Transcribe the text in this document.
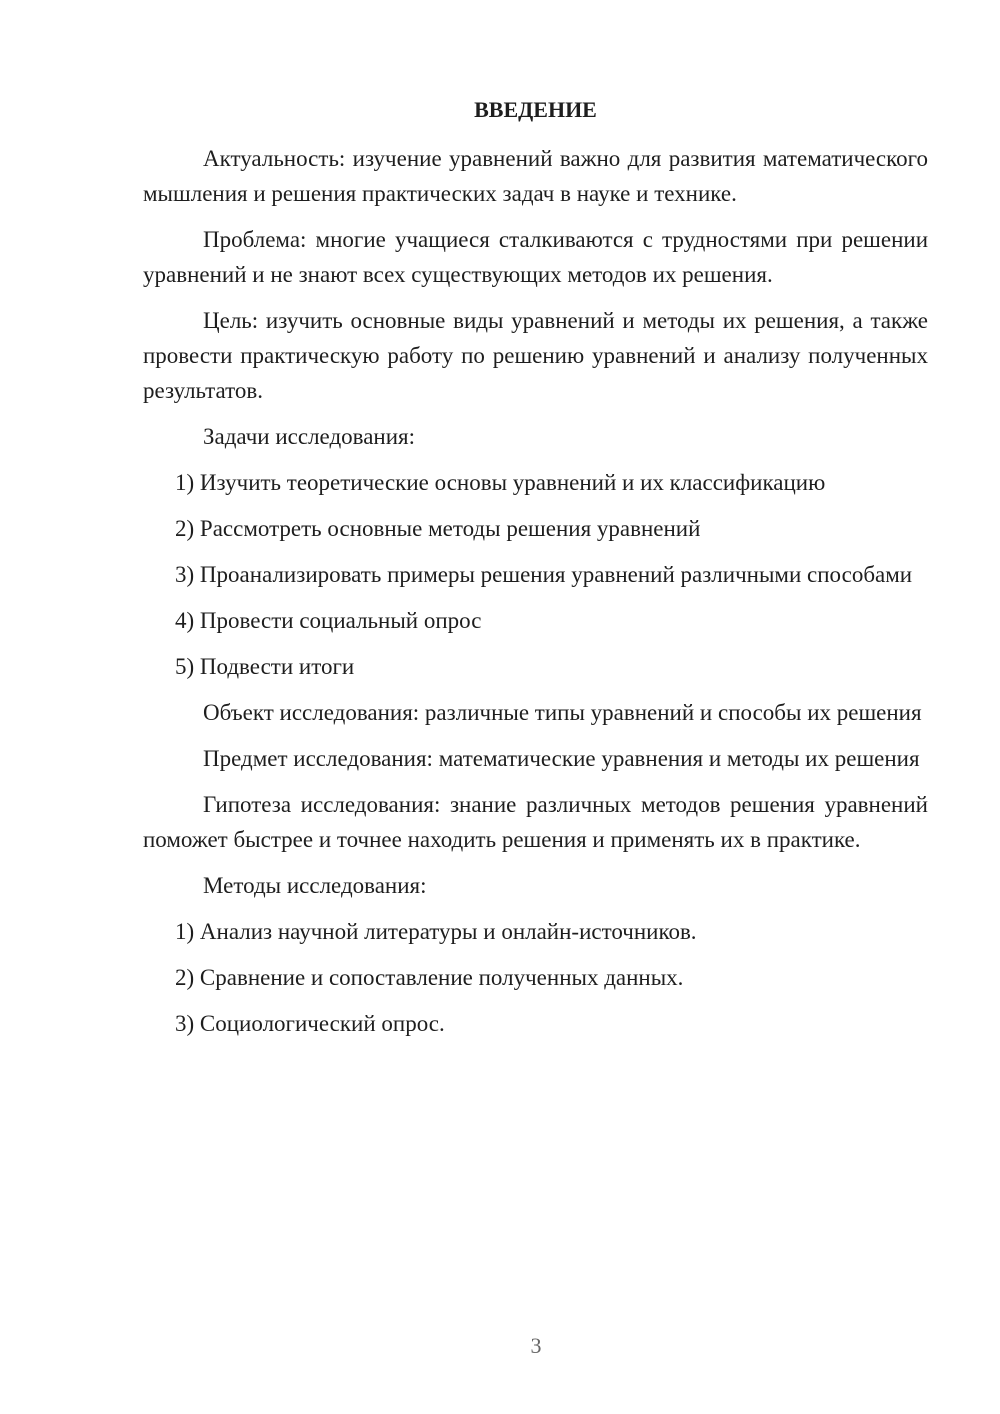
ВВЕДЕНИЕ

Актуальность: изучение уравнений важно для развития математического мышления и решения практических задач в науке и технике.

Проблема: многие учащиеся сталкиваются с трудностями при решении уравнений и не знают всех существующих методов их решения.

Цель: изучить основные виды уравнений и методы их решения, а также провести практическую работу по решению уравнений и анализу полученных результатов.

Задачи исследования:

1) Изучить теоретические основы уравнений и их классификацию

2) Рассмотреть основные методы решения уравнений

3) Проанализировать примеры решения уравнений различными способами

4) Провести социальный опрос

5) Подвести итоги

Объект исследования: различные типы уравнений и способы их решения

Предмет исследования: математические уравнения и методы их решения

Гипотеза исследования: знание различных методов решения уравнений поможет быстрее и точнее находить решения и применять их в практике.

Методы исследования:

1) Анализ научной литературы и онлайн-источников.

2) Сравнение и сопоставление полученных данных.

3) Социологический опрос.

3
